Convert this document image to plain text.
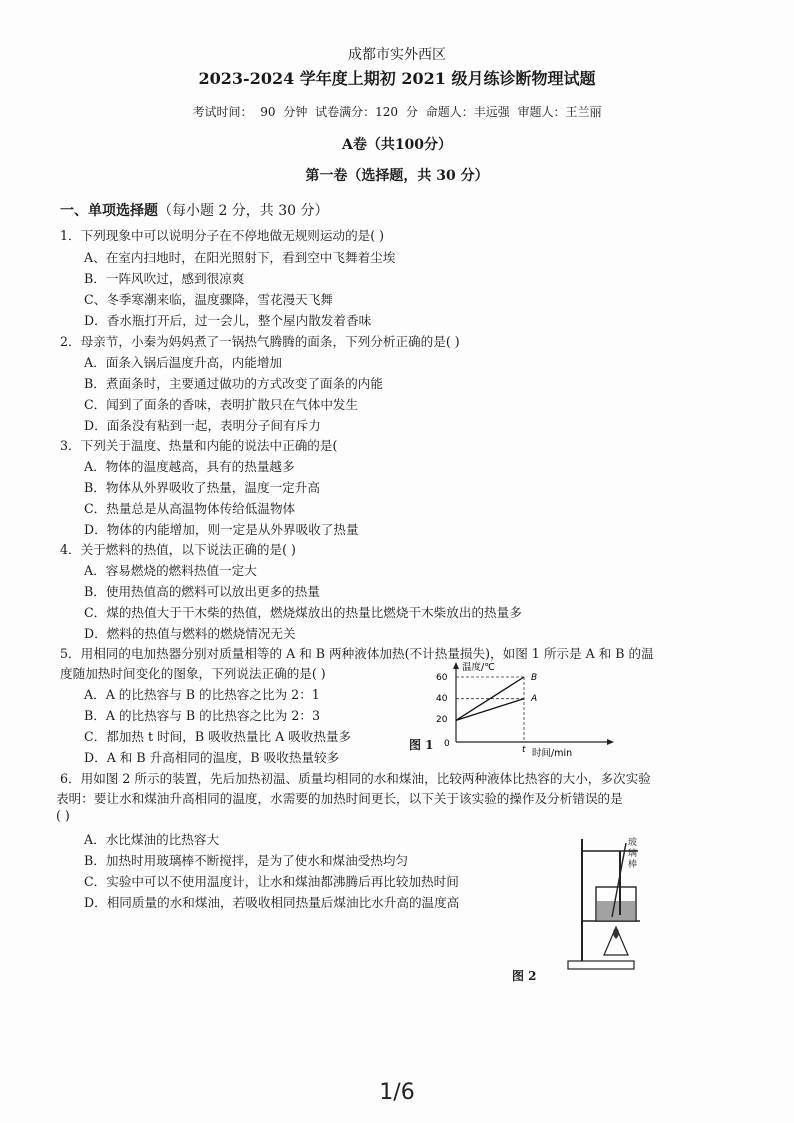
成都市实外西区
2023-2024 学年度上期初 2021 级月练诊断物理试题
考试时间： 90 分钟 试卷满分：120 分 命题人：丰远强 审题人：王兰丽
A卷（共100分）
第一卷（选择题，共 30 分）
一、单项选择题（每小题 2 分，共 30 分）
1．下列现象中可以说明分子在不停地做无规则运动的是( )
A、在室内扫地时，在阳光照射下，看到空中飞舞着尘埃
B．一阵风吹过，感到很凉爽
C、冬季寒潮来临，温度骤降，雪花漫天飞舞
D．香水瓶打开后，过一会儿，整个屋内散发着香味
2．母亲节，小秦为妈妈煮了一锅热气腾腾的面条，下列分析正确的是( )
A．面条入锅后温度升高，内能增加
B．煮面条时，主要通过做功的方式改变了面条的内能
C．闻到了面条的香味，表明扩散只在气体中发生
D．面条没有粘到一起，表明分子间有斥力
3．下列关于温度、热量和内能的说法中正确的是(
A．物体的温度越高，具有的热量越多
B．物体从外界吸收了热量，温度一定升高
C．热量总是从高温物体传给低温物体
D．物体的内能增加，则一定是从外界吸收了热量
4．关于燃料的热值，以下说法正确的是( )
A．容易燃烧的燃料热值一定大
B．使用热值高的燃料可以放出更多的热量
C．煤的热值大于干木柴的热值，燃烧煤放出的热量比燃烧干木柴放出的热量多
D．燃料的热值与燃料的燃烧情况无关
5．用相同的电加热器分别对质量相等的 A 和 B 两种液体加热(不计热量损失)，如图 1 所示是 A 和 B 的温
度随加热时间变化的图象，下列说法正确的是( )
A．A 的比热容与 B 的比热容之比为 2：1
B．A 的比热容与 B 的比热容之比为 2：3
C．都加热 t 时间，B 吸收热量比 A 吸收热量多
D．A 和 B 升高相同的温度，B 吸收热量较多
温度/℃
时间/min
60
40
20
0
t
B
A
图 1
6．用如图 2 所示的装置，先后加热初温、质量均相同的水和煤油，比较两种液体比热容的大小，多次实验
表明：要让水和煤油升高相同的温度，水需要的加热时间更长，以下关于该实验的操作及分析错误的是
( )
A．水比煤油的比热容大
B．加热时用玻璃棒不断搅拌，是为了使水和煤油受热均匀
C．实验中可以不使用温度计，让水和煤油都沸腾后再比较加热时间
D．相同质量的水和煤油，若吸收相同热量后煤油比水升高的温度高
玻璃棒
图 2
1/6
